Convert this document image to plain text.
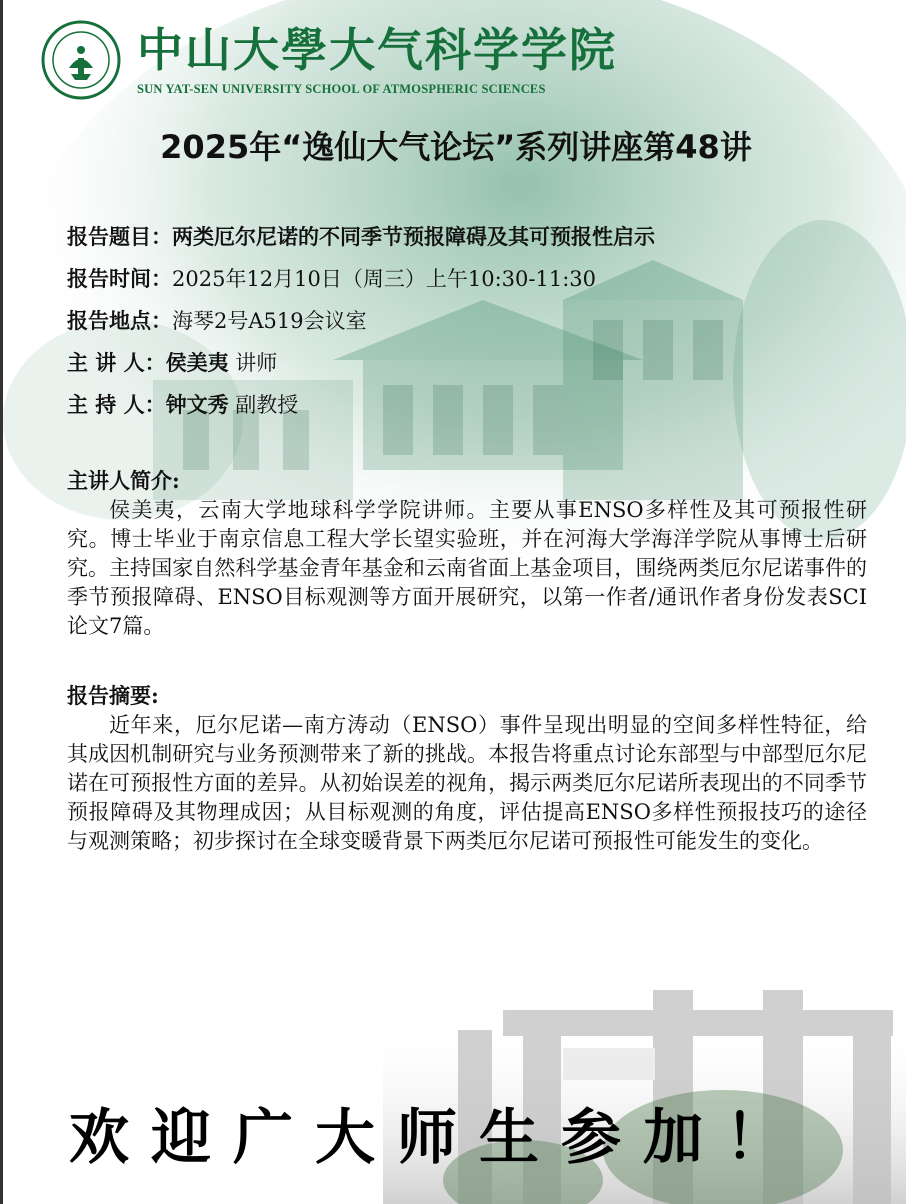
中山大學大气科学学院
SUN YAT-SEN UNIVERSITY SCHOOL OF ATMOSPHERIC SCIENCES
2025年“逸仙大气论坛”系列讲座第48讲
报告题目：两类厄尔尼诺的不同季节预报障碍及其可预报性启示
报告时间：2025年12月10日（周三）上午10:30-11:30
报告地点：海琴2号A519会议室
主 讲 人：侯美夷 讲师
主 持 人：钟文秀 副教授
主讲人简介:

侯美夷，云南大学地球科学学院讲师。主要从事ENSO多样性及其可预报性研究。博士毕业于南京信息工程大学长望实验班，并在河海大学海洋学院从事博士后研究。主持国家自然科学基金青年基金和云南省面上基金项目，围绕两类厄尔尼诺事件的季节预报障碍、ENSO目标观测等方面开展研究，以第一作者/通讯作者身份发表SCI论文7篇。

报告摘要:

近年来，厄尔尼诺—南方涛动（ENSO）事件呈现出明显的空间多样性特征，给其成因机制研究与业务预测带来了新的挑战。本报告将重点讨论东部型与中部型厄尔尼诺在可预报性方面的差异。从初始误差的视角，揭示两类厄尔尼诺所表现出的不同季节预报障碍及其物理成因；从目标观测的角度，评估提高ENSO多样性预报技巧的途径与观测策略；初步探讨在全球变暖背景下两类厄尔尼诺可预报性可能发生的变化。

欢迎广大师生参加！
